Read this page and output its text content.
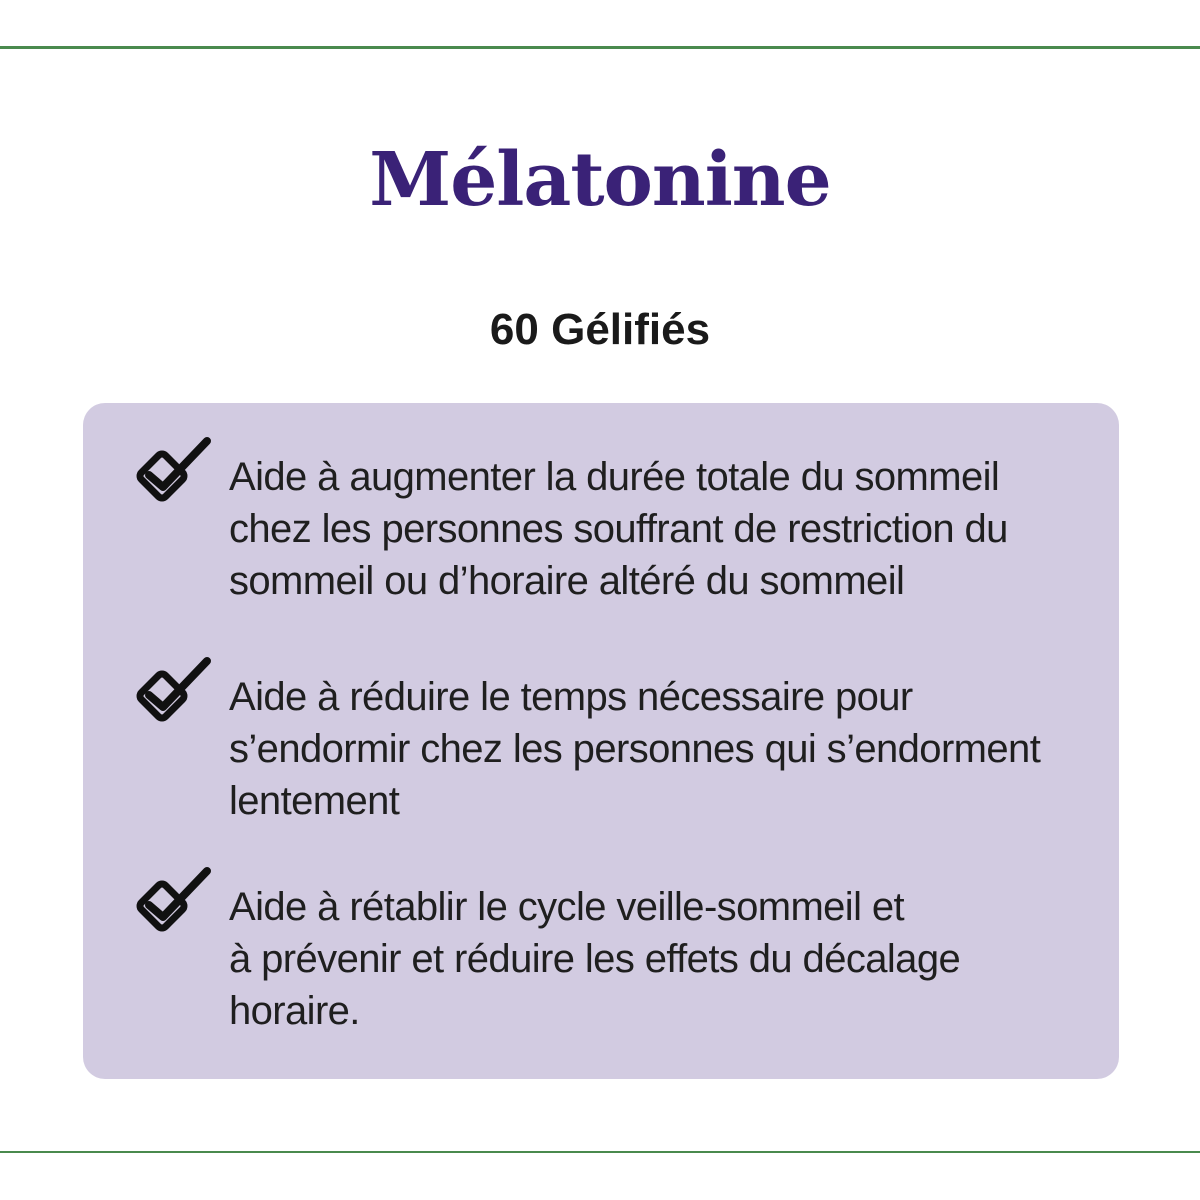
Mélatonine
60 Gélifiés
Aide à augmenter la durée totale du sommeil
chez les personnes souffrant de restriction du
sommeil ou d’horaire altéré du sommeil
Aide à réduire le temps nécessaire pour
s’endormir chez les personnes qui s’endorment
lentement
Aide à rétablir le cycle veille-sommeil et
à prévenir et réduire les effets du décalage
horaire.
